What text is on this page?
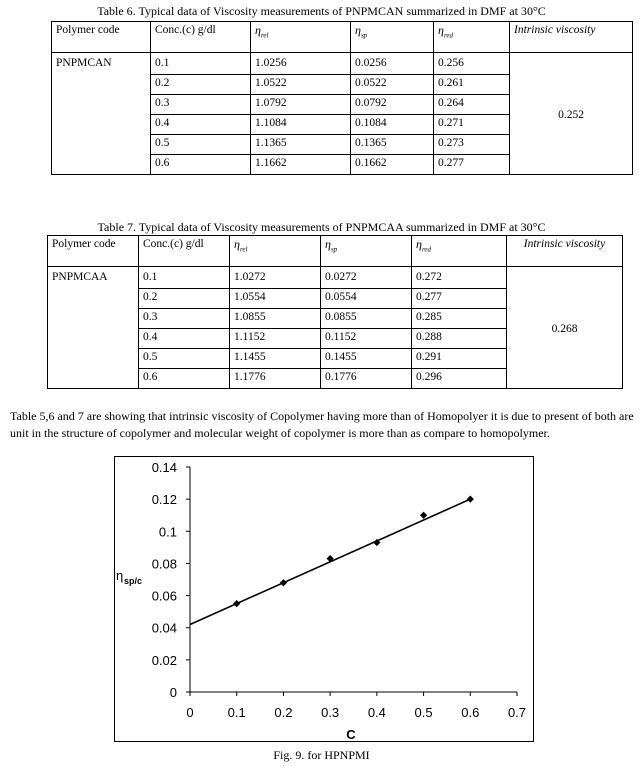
Table 6. Typical data of Viscosity measurements of PNPMCAN summarized in DMF at 30°C
Polymer code	Conc.(c) g/dl	$\eta_{rel}$	$\eta_{sp}$	$\eta_{red}$	Intrinsic viscosity
PNPMCAN	0.1	1.0256	0.0256	0.256	0.252
	0.2	1.0522	0.0522	0.261	
	0.3	1.0792	0.0792	0.264	
	0.4	1.1084	0.1084	0.271	
	0.5	1.1365	0.1365	0.273	
	0.6	1.1662	0.1662	0.277	
Table 7. Typical data of Viscosity measurements of PNPMCAA summarized in DMF at 30°C
Polymer code	Conc.(c) g/dl	$\eta_{rel}$	$\eta_{sp}$	$\eta_{red}$	Intrinsic viscosity
PNPMCAA	0.1	1.0272	0.0272	0.272	0.268
	0.2	1.0554	0.0554	0.277	
	0.3	1.0855	0.0855	0.285	
	0.4	1.1152	0.1152	0.288	
	0.5	1.1455	0.1455	0.291	
	0.6	1.1776	0.1776	0.296	
Table 5,6 and 7 are showing that intrinsic viscosity of Copolymer having more than of Homopolyer it is due to present of both are unit in the structure of copolymer and molecular weight of copolymer is more than as compare to homopolymer.
η sp/c
0
0.02
0.04
0.06
0.08
0.1
0.12
0.14
0	0.1 0.2 0.3 0.4 0.5 0.6 0.7
C
Fig. 9. for HPNPMI
